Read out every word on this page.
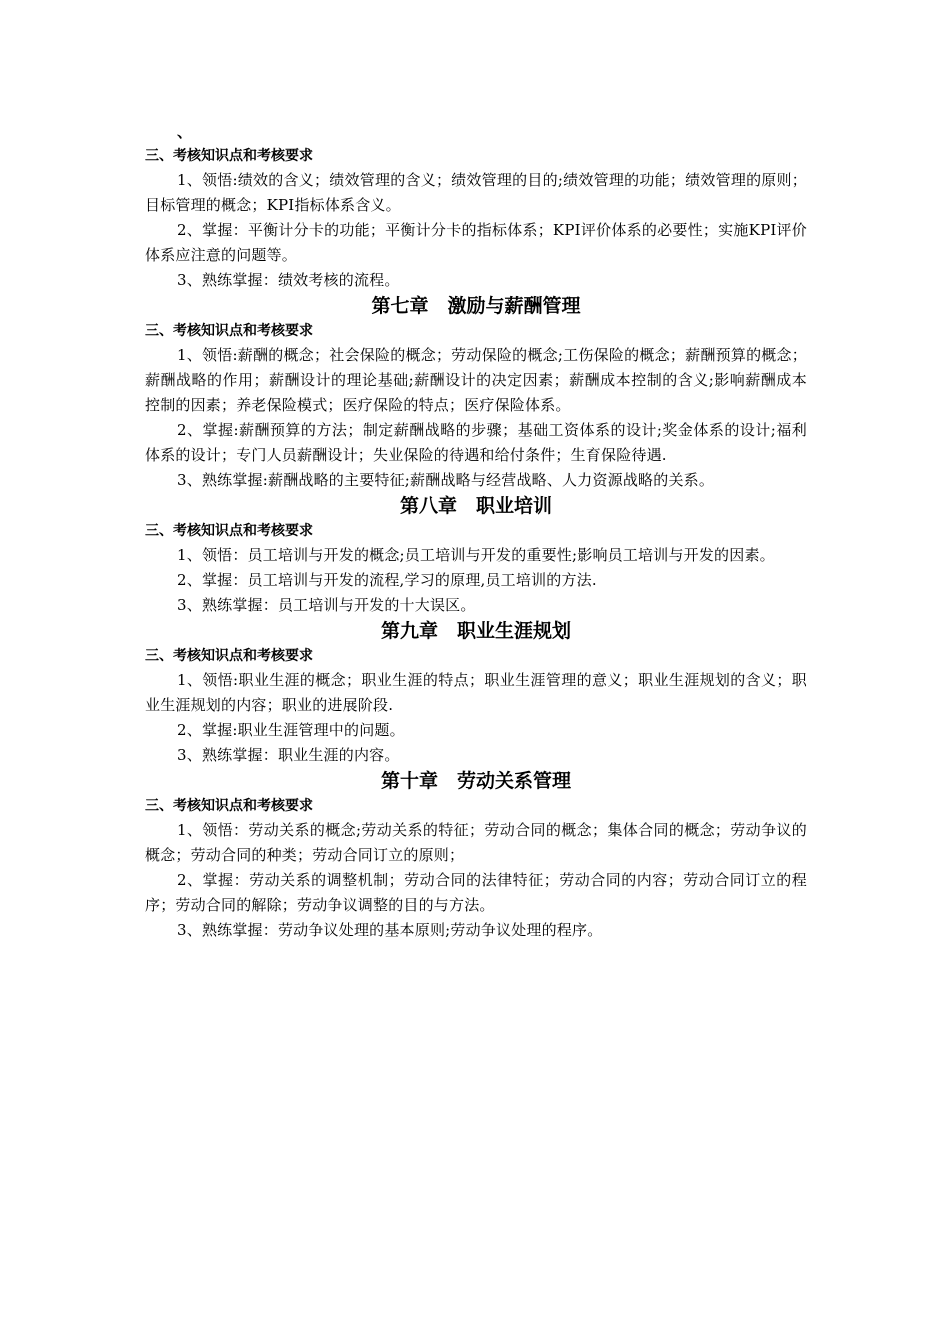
、
三、考核知识点和考核要求

1、领悟:绩效的含义；绩效管理的含义；绩效管理的目的;绩效管理的功能；绩效管理的原则；目标管理的概念；KPI指标体系含义。

2、掌握：平衡计分卡的功能；平衡计分卡的指标体系；KPI评价体系的必要性；实施KPI评价体系应注意的问题等。

3、熟练掌握：绩效考核的流程。

第七章　激励与薪酬管理
三、考核知识点和考核要求

1、领悟:薪酬的概念；社会保险的概念；劳动保险的概念;工伤保险的概念；薪酬预算的概念；薪酬战略的作用；薪酬设计的理论基础;薪酬设计的决定因素；薪酬成本控制的含义;影响薪酬成本控制的因素；养老保险模式；医疗保险的特点；医疗保险体系。

2、掌握:薪酬预算的方法；制定薪酬战略的步骤；基础工资体系的设计;奖金体系的设计;福利体系的设计；专门人员薪酬设计；失业保险的待遇和给付条件；生育保险待遇.

3、熟练掌握:薪酬战略的主要特征;薪酬战略与经营战略、人力资源战略的关系。

第八章　职业培训
三、考核知识点和考核要求

1、领悟：员工培训与开发的概念;员工培训与开发的重要性;影响员工培训与开发的因素。

2、掌握：员工培训与开发的流程,学习的原理,员工培训的方法.

3、熟练掌握：员工培训与开发的十大误区。

第九章　职业生涯规划
三、考核知识点和考核要求

1、领悟:职业生涯的概念；职业生涯的特点；职业生涯管理的意义；职业生涯规划的含义；职业生涯规划的内容；职业的进展阶段.

2、掌握:职业生涯管理中的问题。

3、熟练掌握：职业生涯的内容。

第十章　劳动关系管理
三、考核知识点和考核要求

1、领悟：劳动关系的概念;劳动关系的特征；劳动合同的概念；集体合同的概念；劳动争议的概念；劳动合同的种类；劳动合同订立的原则；

2、掌握：劳动关系的调整机制；劳动合同的法律特征；劳动合同的内容；劳动合同订立的程序；劳动合同的解除；劳动争议调整的目的与方法。

3、熟练掌握：劳动争议处理的基本原则;劳动争议处理的程序。
